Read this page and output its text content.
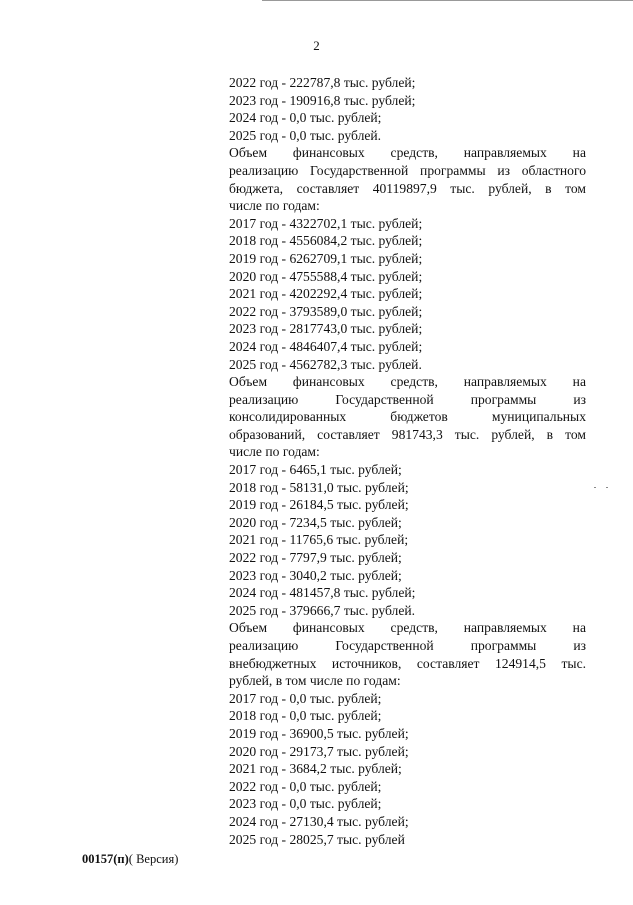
2
2022 год - 222787,8 тыс. рублей;
2023 год - 190916,8 тыс. рублей;
2024 год - 0,0 тыс. рублей;
2025 год - 0,0 тыс. рублей.
Объем финансовых средств, направляемых на
реализацию Государственной программы из областного
бюджета, составляет 40119897,9 тыс. рублей, в том
числе по годам:
2017 год - 4322702,1 тыс. рублей;
2018 год - 4556084,2 тыс. рублей;
2019 год - 6262709,1 тыс. рублей;
2020 год - 4755588,4 тыс. рублей;
2021 год - 4202292,4 тыс. рублей;
2022 год - 3793589,0 тыс. рублей;
2023 год - 2817743,0 тыс. рублей;
2024 год - 4846407,4 тыс. рублей;
2025 год - 4562782,3 тыс. рублей.
Объем финансовых средств, направляемых на
реализацию Государственной программы из
консолидированных бюджетов муниципальных
образований, составляет 981743,3 тыс. рублей, в том
числе по годам:
2017 год - 6465,1 тыс. рублей;
2018 год - 58131,0 тыс. рублей;
2019 год - 26184,5 тыс. рублей;
2020 год - 7234,5 тыс. рублей;
2021 год - 11765,6 тыс. рублей;
2022 год - 7797,9 тыс. рублей;
2023 год - 3040,2 тыс. рублей;
2024 год - 481457,8 тыс. рублей;
2025 год - 379666,7 тыс. рублей.
Объем финансовых средств, направляемых на
реализацию Государственной программы из
внебюджетных источников, составляет 124914,5 тыс.
рублей, в том числе по годам:
2017 год - 0,0 тыс. рублей;
2018 год - 0,0 тыс. рублей;
2019 год - 36900,5 тыс. рублей;
2020 год - 29173,7 тыс. рублей;
2021 год - 3684,2 тыс. рублей;
2022 год - 0,0 тыс. рублей;
2023 год - 0,0 тыс. рублей;
2024 год - 27130,4 тыс. рублей;
2025 год - 28025,7 тыс. рублей
00157(п)( Версия)
